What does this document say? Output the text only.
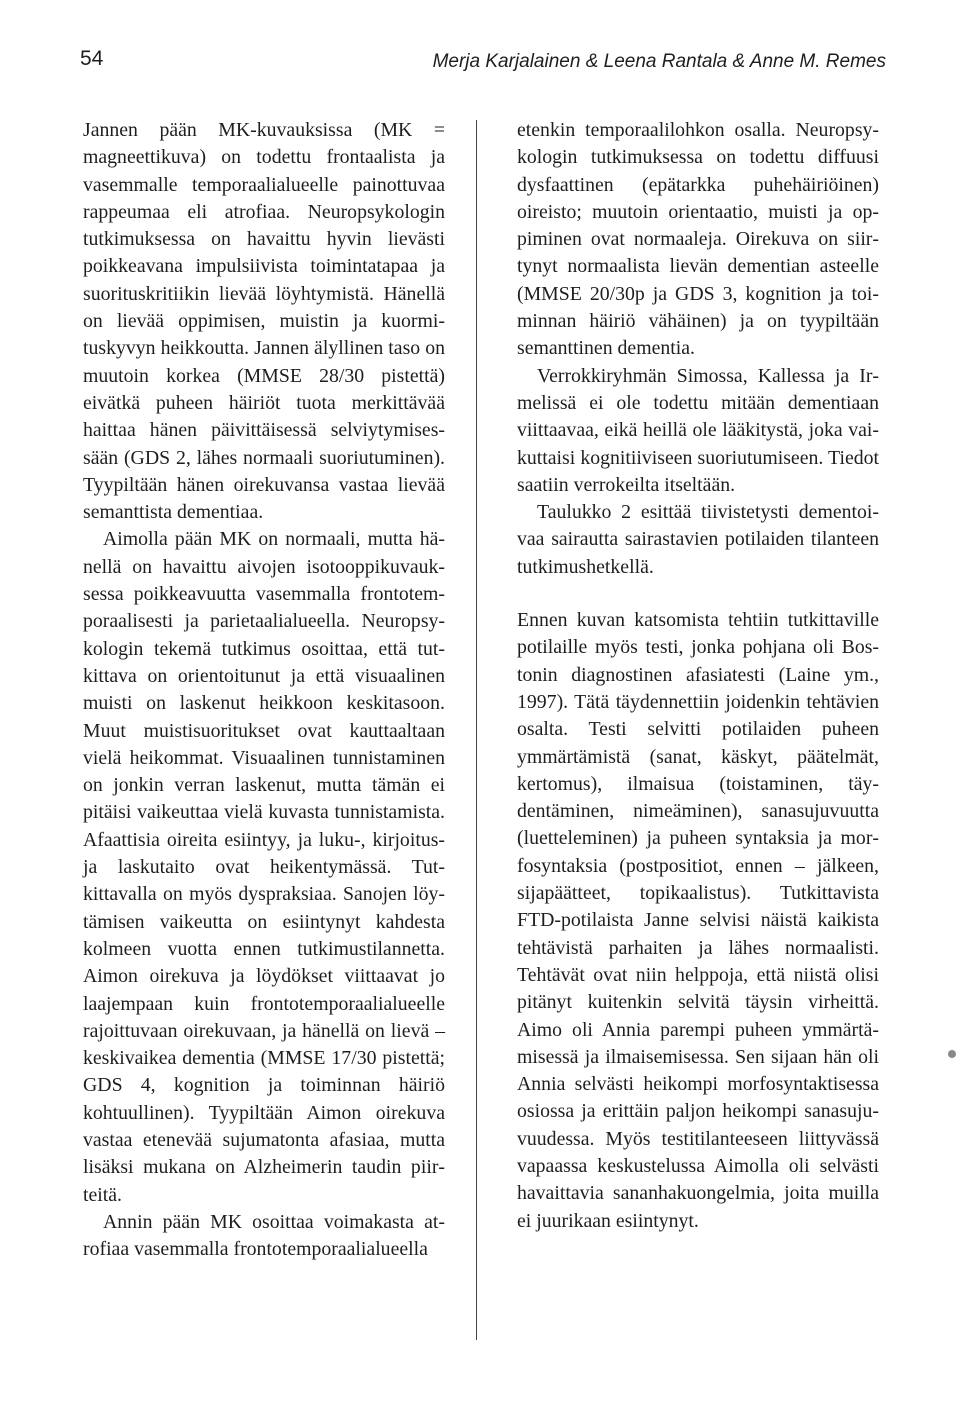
54	Merja Karjalainen & Leena Rantala & Anne M. Remes

Jannen pään MK-kuvauksissa (MK = magneettikuva) on todettu frontaalista ja vasemmalle temporaalialueelle painottuvaa rappeumaa eli atrofiaa. Neuropsykologin tutkimuksessa on havaittu hyvin lievästi poikkeavana impulsiivista toimintatapaa ja suorituskritiikin lievää löyhtymistä. Hänellä on lievää oppimisen, muistin ja kuormituskyvyn heikkoutta. Jannen älyllinen taso on muutoin korkea (MMSE 28/30 pistettä) eivätkä puheen häiriöt tuota merkittävää haittaa hänen päivittäisessä selviytymisessään (GDS 2, lähes normaali suoriutuminen). Tyypiltään hänen oirekuvansa vastaa lievää semanttista dementiaa.

Aimolla pään MK on normaali, mutta hänellä on havaittu aivojen isotooppikuvauksessa poikkeavuutta vasemmalla frontotemporaalisesti ja parietaalialueella. Neuropsykologin tekemä tutkimus osoittaa, että tutkittava on orientoitunut ja että visuaalinen muisti on laskenut heikkoon keskitasoon. Muut muistisuoritukset ovat kauttaaltaan vielä heikommat. Visuaalinen tunnistaminen on jonkin verran laskenut, mutta tämän ei pitäisi vaikeuttaa vielä kuvasta tunnistamista. Afaattisia oireita esiintyy, ja luku-, kirjoitus- ja laskutaito ovat heikentymässä. Tutkittavalla on myös dyspraksiaa. Sanojen löytämisen vaikeutta on esiintynyt kahdesta kolmeen vuotta ennen tutkimustilannetta. Aimon oirekuva ja löydökset viittaavat jo laajempaan kuin frontotemporaalialueelle rajoittuvaan oirekuvaan, ja hänellä on lievä – keskivaikea dementia (MMSE 17/30 pistettä; GDS 4, kognition ja toiminnan häiriö kohtuullinen). Tyypiltään Aimon oirekuva vastaa etenevää sujumatonta afasiaa, mutta lisäksi mukana on Alzheimerin taudin piirteitä.

Annin pään MK osoittaa voimakasta atrofiaa vasemmalla frontotemporaalialueella

etenkin temporaalilohkon osalla. Neuropsykologin tutkimuksessa on todettu diffuusi dysfaattinen (epätarkka puhehäiriöinen) oireisto; muutoin orientaatio, muisti ja oppiminen ovat normaaleja. Oirekuva on siirtynyt normaalista lievän dementian asteelle (MMSE 20/30p ja GDS 3, kognition ja toiminnan häiriö vähäinen) ja on tyypiltään semanttinen dementia.

Verrokkiryhmän Simossa, Kallessa ja Irmelissä ei ole todettu mitään dementiaan viittaavaa, eikä heillä ole lääkitystä, joka vaikuttaisi kognitiiviseen suoriutumiseen. Tiedot saatiin verrokeilta itseltään.

Taulukko 2 esittää tiivistetysti dementoivaa sairautta sairastavien potilaiden tilanteen tutkimushetkellä.

Ennen kuvan katsomista tehtiin tutkittaville potilaille myös testi, jonka pohjana oli Bostonin diagnostinen afasiatesti (Laine ym., 1997). Tätä täydennettiin joidenkin tehtävien osalta. Testi selvitti potilaiden puheen ymmärtämistä (sanat, käskyt, päätelmät, kertomus), ilmaisua (toistaminen, täydentäminen, nimeäminen), sanasujuvuutta (luetteleminen) ja puheen syntaksia ja morfosyntaksia (postpositiot, ennen – jälkeen, sijapäätteet, topikaalistus). Tutkittavista FTD-potilaista Janne selvisi näistä kaikista tehtävistä parhaiten ja lähes normaalisti. Tehtävät ovat niin helppoja, että niistä olisi pitänyt kuitenkin selvitä täysin virheittä. Aimo oli Annia parempi puheen ymmärtämisessä ja ilmaisemisessa. Sen sijaan hän oli Annia selvästi heikompi morfosyntaktisessa osiossa ja erittäin paljon heikompi sanasujuvuudessa. Myös testitilanteeseen liittyvässä vapaassa keskustelussa Aimolla oli selvästi havaittavia sananhakuongelmia, joita muilla ei juurikaan esiintynyt.
